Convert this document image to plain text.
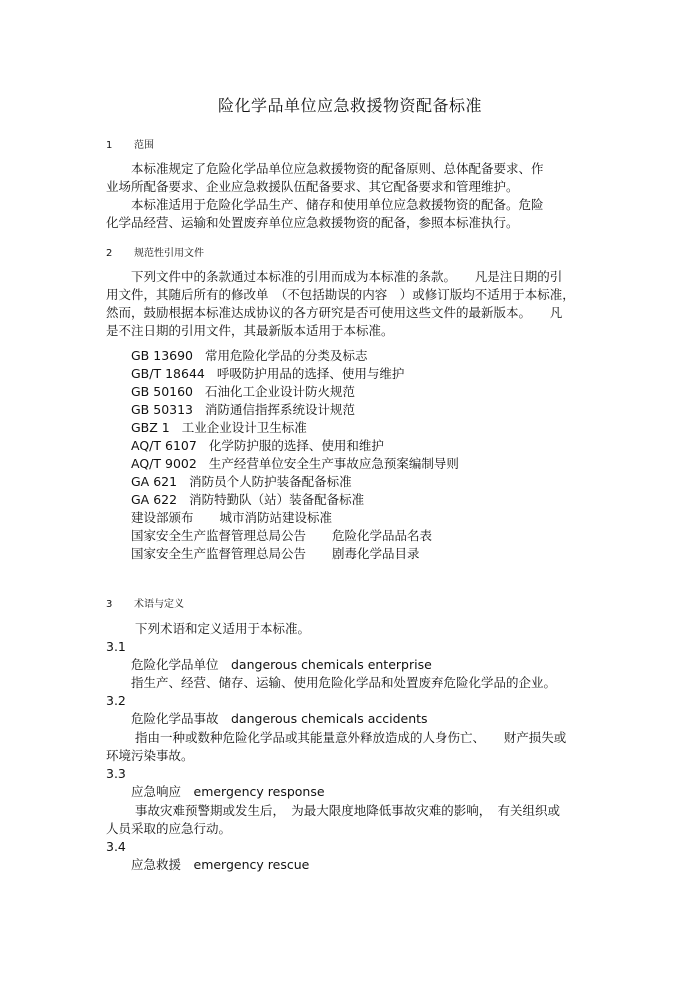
险化学品单位应急救援物资配备标准
1 范围
本标准规定了危险化学品单位应急救援物资的配备原则、总体配备要求、作
业场所配备要求、企业应急救援队伍配备要求、其它配备要求和管理维护。
本标准适用于危险化学品生产、储存和使用单位应急救援物资的配备。危险
化学品经营、运输和处置废弃单位应急救援物资的配备，参照本标准执行。
2 规范性引用文件
下列文件中的条款通过本标准的引用而成为本标准的条款。　　凡是注日期的引
用文件，其随后所有的修改单　（不包括勘误的内容　）或修订版均不适用于本标准，
然而，鼓励根据本标准达成协议的各方研究是否可使用这些文件的最新版本。　　凡
是不注日期的引用文件，其最新版本适用于本标准。
GB 13690 常用危险化学品的分类及标志
GB/T 18644 呼吸防护用品的选择、使用与维护
GB 50160 石油化工企业设计防火规范
GB 50313 消防通信指挥系统设计规范
GBZ 1 工业企业设计卫生标准
AQ/T 6107 化学防护服的选择、使用和维护
AQ/T 9002 生产经营单位安全生产事故应急预案编制导则
GA 621 消防员个人防护装备配备标准
GA 622 消防特勤队（站）装备配备标准
建设部颁布 城市消防站建设标准
国家安全生产监督管理总局公告 危险化学品品名表
国家安全生产监督管理总局公告 剧毒化学品目录
3 术语与定义
下列术语和定义适用于本标准。
3.1
危险化学品单位　dangerous chemicals enterprise
指生产、经营、储存、运输、使用危险化学品和处置废弃危险化学品的企业。
3.2
危险化学品事故　dangerous chemicals accidents
指由一种或数种危险化学品或其能量意外释放造成的人身伤亡、　　财产损失或
环境污染事故。
3.3
应急响应　emergency response
事故灾难预警期或发生后，　为最大限度地降低事故灾难的影响，　有关组织或
人员采取的应急行动。
3.4
应急救援　emergency rescue
